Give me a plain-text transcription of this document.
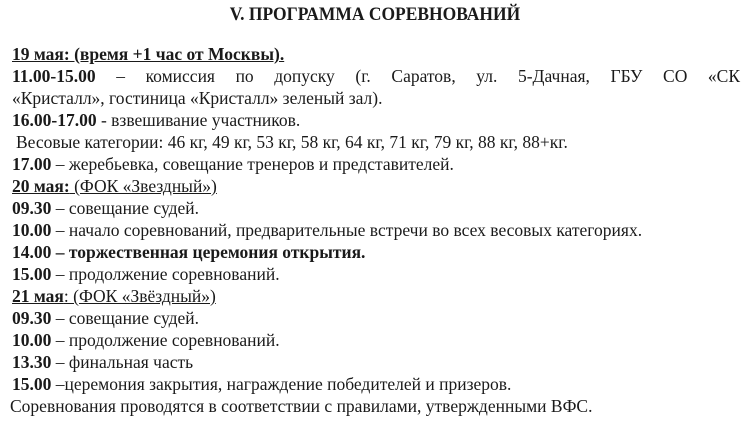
V. ПРОГРАММА СОРЕВНОВАНИЙ
19 мая: (время +1 час от Москвы).
11.00-15.00 – комиссия по допуску (г. Саратов, ул. 5-Дачная, ГБУ СО «СК
«Кристалл», гостиница «Кристалл» зеленый зал).
16.00-17.00 - взвешивание участников.
Весовые категории: 46 кг, 49 кг, 53 кг, 58 кг, 64 кг, 71 кг, 79 кг, 88 кг, 88+кг.
17.00 – жеребьевка, совещание тренеров и представителей.
20 мая: (ФОК «Звездный»)
09.30 – совещание судей.
10.00 – начало соревнований, предварительные встречи во всех весовых категориях.
14.00 – торжественная церемония открытия.
15.00 – продолжение соревнований.
21 мая: (ФОК «Звёздный»)
09.30 – совещание судей.
10.00 – продолжение соревнований.
13.30 – финальная часть
15.00 –церемония закрытия, награждение победителей и призеров.
Соревнования проводятся в соответствии с правилами, утвержденными ВФС.
